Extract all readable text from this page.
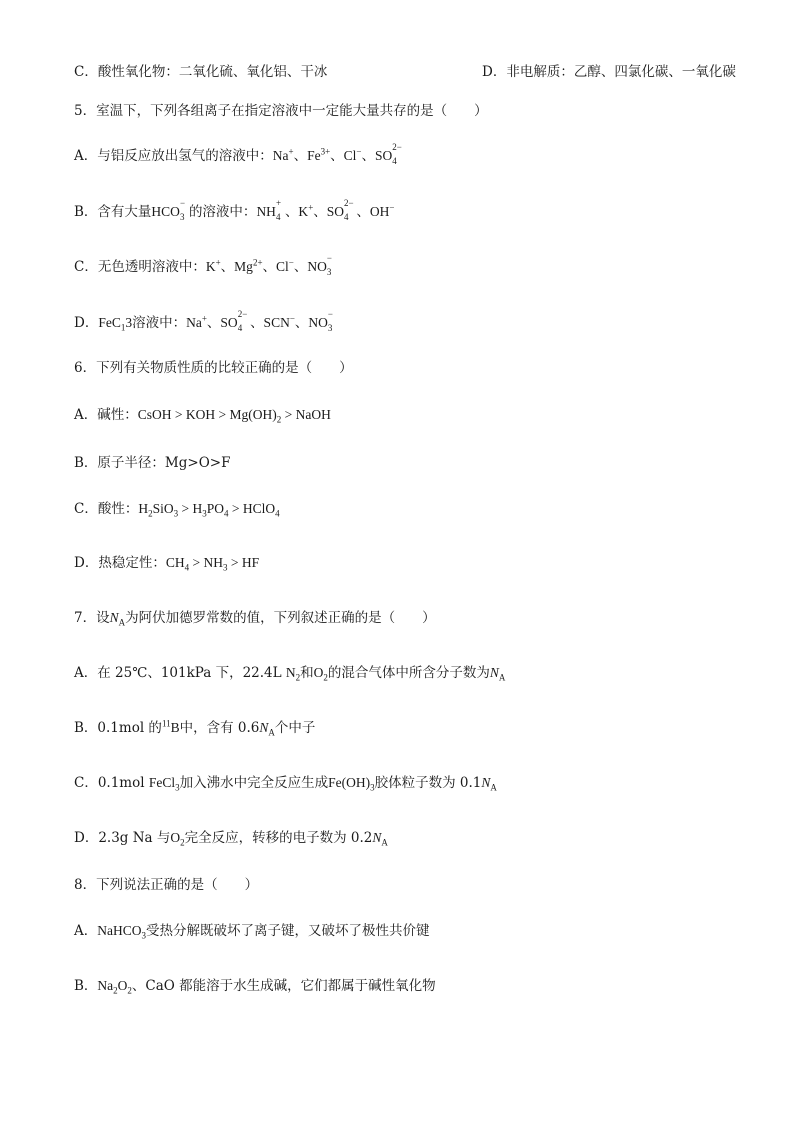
C．酸性氧化物：二氧化硫、氧化铝、干冰	D．非电解质：乙醇、四氯化碳、一氧化碳
5．室温下，下列各组离子在指定溶液中一定能大量共存的是（　　）
A．与铝反应放出氢气的溶液中：Na+、$Fe^{3+}$、Cl−、SO
2−
4
B．含有大量HCO
−
3 的溶液中：NH
+
4 、K+、SO
2−
4 、OH−
C．无色透明溶液中：K+、$Mg^{2+}$、Cl−、NO
−
3
D．FeC$_1$3溶液中：Na+、SO
2−
4 、SCN−、NO
−
3
6．下列有关物质性质的比较正确的是（　　）
A．碱性：CsOH > KOH > $Mg(OH)_2$ > NaOH
B．原子半径：Mg>O>F
C．酸性：$H_2SiO_3 > H_3PO_4$ > HClO$_4$
D．热稳定性：$CH_4 > NH_3$ > HF
7．设$N_A$为阿伏加德罗常数的值，下列叙述正确的是（　　）
A．在 25℃、101kPa 下，22.4L $N_2$和$O_2$的混合气体中所含分子数为$N_A$
B．0.1mol 的$^{11}$B中，含有 $0.6N_A$个中子
C．0.1mol FeCl$_3$加入沸水中完全反应生成$Fe(OH)_3$胶体粒子数为 $0.1N_A$
D．2.3g Na 与$O_2$完全反应，转移的电子数为 $0.2N_A$
8．下列说法正确的是（　　）
A．NaHCO$_3$受热分解既破坏了离子键，又破坏了极性共价键
B．$Na_2O_2$、CaO 都能溶于水生成碱，它们都属于碱性氧化物
